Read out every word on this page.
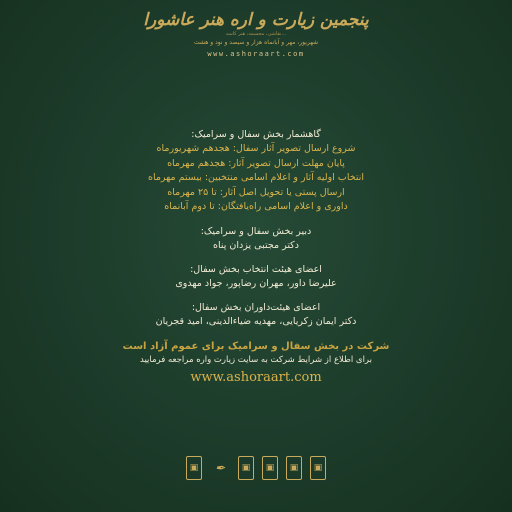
پنجمین زیارت و اره هنر عاشورا
نقاشی، مجسمه، هنر کاسه...
شهریور، مهر و آبانماه هزار و سیصد و نود و هشت
www.ashoraart.com
گاهشمار بخش سفال و سرامیک:
شروع ارسال تصویر آثار سفال: هجدهم شهریورماه
پایان مهلت ارسال تصویر آثار: هجدهم مهرماه
انتخاب اولیه آثار و اعلام اسامی منتخبین: بیستم مهرماه
ارسال پستی یا تحویل اصل آثار: تا ۲۵ مهرماه
داوری و اعلام اسامی راه‌یافتگان: تا دوم آبانماه
دبیر بخش سفال و سرامیک:
دکتر مجتبی یزدان پناه
اعضای هیئت انتخاب بخش سفال:
علیرضا داور، مهران رضاپور، جواد مهدوی
اعضای هیئت‌داوران بخش سفال:
دکتر ایمان زکریایی، مهدیه ضیاءالدینی، امید قجریان
شرکت در بخش سفال و سرامیک برای عموم آزاد است
برای اطلاع از شرایط شرکت به سایت زیارت واره مراجعه فرمایید
www.ashoraart.com
▣	✒	▣	▣	▣	▣
